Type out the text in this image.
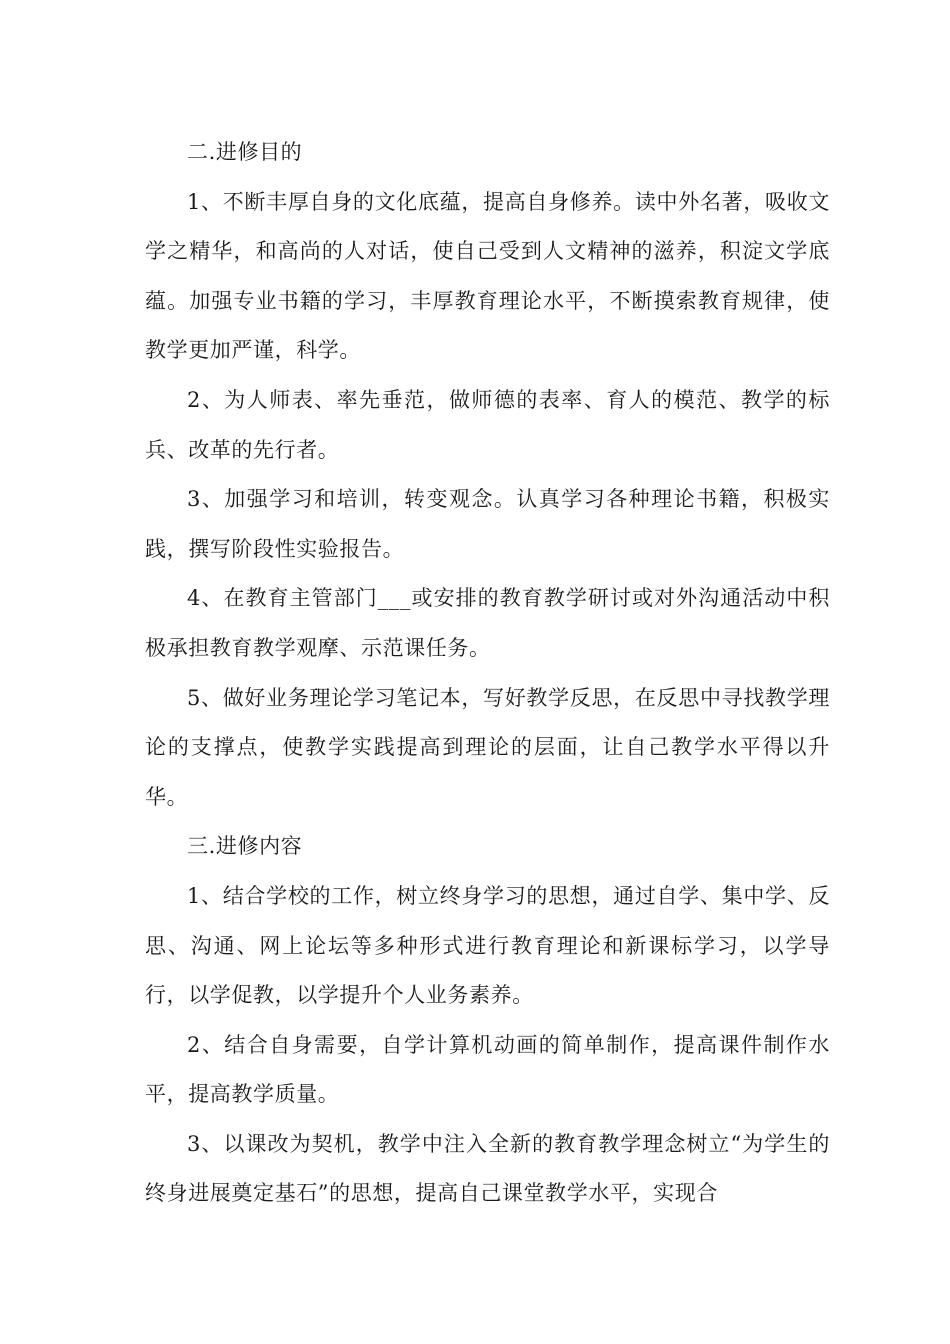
二.进修目的

1、不断丰厚自身的文化底蕴，提高自身修养。读中外名著，吸收文学之精华，和高尚的人对话，使自己受到人文精神的滋养，积淀文学底蕴。加强专业书籍的学习，丰厚教育理论水平，不断摸索教育规律，使教学更加严谨，科学。

2、为人师表、率先垂范，做师德的表率、育人的模范、教学的标兵、改革的先行者。

3、加强学习和培训，转变观念。认真学习各种理论书籍，积极实践，撰写阶段性实验报告。

4、在教育主管部门___或安排的教育教学研讨或对外沟通活动中积极承担教育教学观摩、示范课任务。

5、做好业务理论学习笔记本，写好教学反思，在反思中寻找教学理论的支撑点，使教学实践提高到理论的层面，让自己教学水平得以升华。

三.进修内容

1、结合学校的工作，树立终身学习的思想，通过自学、集中学、反思、沟通、网上论坛等多种形式进行教育理论和新课标学习，以学导行，以学促教，以学提升个人业务素养。

2、结合自身需要，自学计算机动画的简单制作，提高课件制作水平，提高教学质量。

3、以课改为契机，教学中注入全新的教育教学理念树立“为学生的终身进展奠定基石”的思想，提高自己课堂教学水平，实现合
